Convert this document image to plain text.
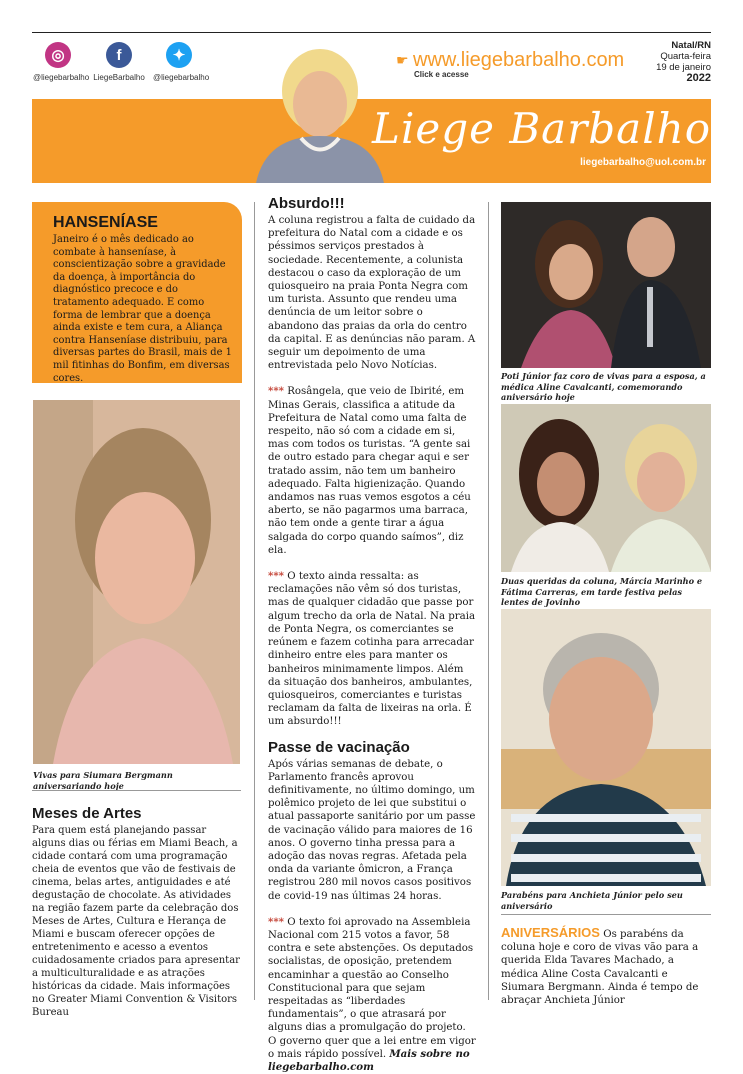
◎
@liegebarbalho
f
LiegeBarbalho
✦
@liegebarbalho
☛ www.liegebarbalho.com
Click e acesse
Natal/RN
Quarta-feira
19 de janeiro
2022
Liege Barbalho
liegebarbalho@uol.com.br
HANSENÍASE

Janeiro é o mês dedicado ao combate à hanseníase, à conscientização sobre a gravidade da doença, à importância do diagnóstico precoce e do tratamento adequado. E como forma de lembrar que a doença ainda existe e tem cura, a Aliança contra Hanseníase distribuiu, para diversas partes do Brasil, mais de 1 mil fitinhas do Bonfim, em diversas cores.

Vivas para Siumara Bergmann aniversariando hoje
Meses de Artes

Para quem está planejando passar alguns dias ou férias em Miami Beach, a cidade contará com uma programação cheia de eventos que vão de festivais de cinema, belas artes, antiguidades e até degustação de chocolate. As atividades na região fazem parte da celebração dos Meses de Artes, Cultura e Herança de Miami e buscam oferecer opções de entretenimento e acesso a eventos cuidadosamente criados para apresentar a multiculturalidade e as atrações históricas da cidade. Mais informações no Greater Miami Convention & Visitors Bureau

Absurdo!!!

A coluna registrou a falta de cuidado da prefeitura do Natal com a cidade e os péssimos serviços prestados à sociedade. Recentemente, a colunista destacou o caso da exploração de um quiosqueiro na praia Ponta Negra com um turista. Assunto que rendeu uma denúncia de um leitor sobre o abandono das praias da orla do centro da capital. E as denúncias não param. A seguir um depoimento de uma entrevistada pelo Novo Notícias.

*** Rosângela, que veio de Ibirité, em Minas Gerais, classifica a atitude da Prefeitura de Natal como uma falta de respeito, não só com a cidade em si, mas com todos os turistas. “A gente sai de outro estado para chegar aqui e ser tratado assim, não tem um banheiro adequado. Falta higienização. Quando andamos nas ruas vemos esgotos a céu aberto, se não pagarmos uma barraca, não tem onde a gente tirar a água salgada do corpo quando saímos”, diz ela.

*** O texto ainda ressalta: as reclamações não vêm só dos turistas, mas de qualquer cidadão que passe por algum trecho da orla de Natal. Na praia de Ponta Negra, os comerciantes se reúnem e fazem cotinha para arrecadar dinheiro entre eles para manter os banheiros minimamente limpos. Além da situação dos banheiros, ambulantes, quiosqueiros, comerciantes e turistas reclamam da falta de lixeiras na orla. É um absurdo!!!

Passe de vacinação

Após várias semanas de debate, o Parlamento francês aprovou definitivamente, no último domingo, um polêmico projeto de lei que substitui o atual passaporte sanitário por um passe de vacinação válido para maiores de 16 anos. O governo tinha pressa para a adoção das novas regras. Afetada pela onda da variante ômicron, a França registrou 280 mil novos casos positivos de covid-19 nas últimas 24 horas.

*** O texto foi aprovado na Assembleia Nacional com 215 votos a favor, 58 contra e sete abstenções. Os deputados socialistas, de oposição, pretendem encaminhar a questão ao Conselho Constitucional para que sejam respeitadas as “liberdades fundamentais”, o que atrasará por alguns dias a promulgação do projeto. O governo quer que a lei entre em vigor o mais rápido possível. Mais sobre no liegebarbalho.com

Poti Júnior faz coro de vivas para a esposa, a médica Aline Cavalcanti, comemorando aniversário hoje
Duas queridas da coluna, Márcia Marinho e Fátima Carreras, em tarde festiva pelas lentes de Jovinho
Parabéns para Anchieta Júnior pelo seu aniversário

ANIVERSÁRIOS Os parabéns da coluna hoje e coro de vivas vão para a querida Elda Tavares Machado, a médica Aline Costa Cavalcanti e Siumara Bergmann. Ainda é tempo de abraçar Anchieta Júnior
